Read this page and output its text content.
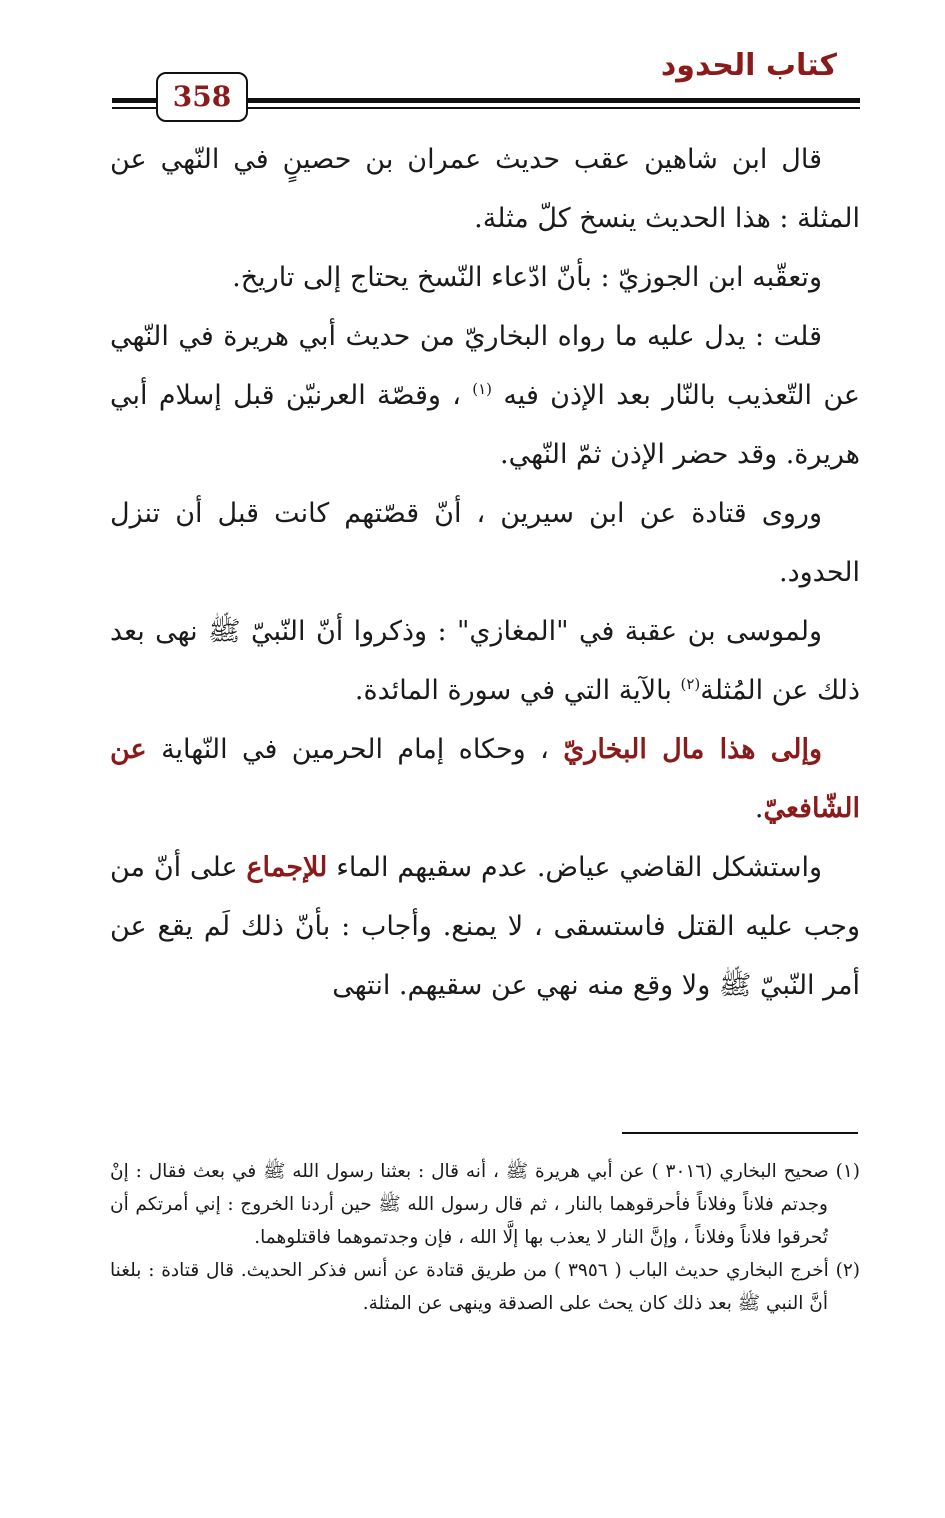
كتاب الحدود
358

قال ابن شاهين عقب حديث عمران بن حصينٍ في النّهي عن المثلة : هذا الحديث ينسخ كلّ مثلة.

وتعقّبه ابن الجوزيّ : بأنّ ادّعاء النّسخ يحتاج إلى تاريخ.

قلت : يدل عليه ما رواه البخاريّ من حديث أبي هريرة في النّهي عن التّعذيب بالنّار بعد الإذن فيه $^{(١)}$ ، وقصّة العرنيّن قبل إسلام أبي هريرة. وقد حضر الإذن ثمّ النّهي.

وروى قتادة عن ابن سيرين ، أنّ قصّتهم كانت قبل أن تنزل الحدود.

ولموسى بن عقبة في "المغازي" : وذكروا أنّ النّبيّ ﷺ نهى بعد ذلك عن المُثلة$^{(٢)}$ بالآية التي في سورة المائدة.

وإلى هذا مال البخاريّ ، وحكاه إمام الحرمين في النّهاية عن الشّافعيّ.

واستشكل القاضي عياض. عدم سقيهم الماء للإجماع على أنّ من وجب عليه القتل فاستسقى ، لا يمنع. وأجاب : بأنّ ذلك لَم يقع عن أمر النّبيّ ﷺ ولا وقع منه نهي عن سقيهم. انتهى

(١) صحيح البخاري (٣٠١٦ ) عن أبي هريرة ﷺ ، أنه قال : بعثنا رسول الله ﷺ في بعث فقال : إنْ وجدتم فلاناً وفلاناً فأحرقوهما بالنار ، ثم قال رسول الله ﷺ حين أردنا الخروج : إني أمرتكم أن تُحرقوا فلاناً وفلاناً ، وإنَّ النار لا يعذب بها إلَّا الله ، فإن وجدتموهما فاقتلوهما.

(٢) أخرج البخاري حديث الباب ( ٣٩٥٦ ) من طريق قتادة عن أنس فذكر الحديث. قال قتادة : بلغنا أنَّ النبي ﷺ بعد ذلك كان يحث على الصدقة وينهى عن المثلة.
